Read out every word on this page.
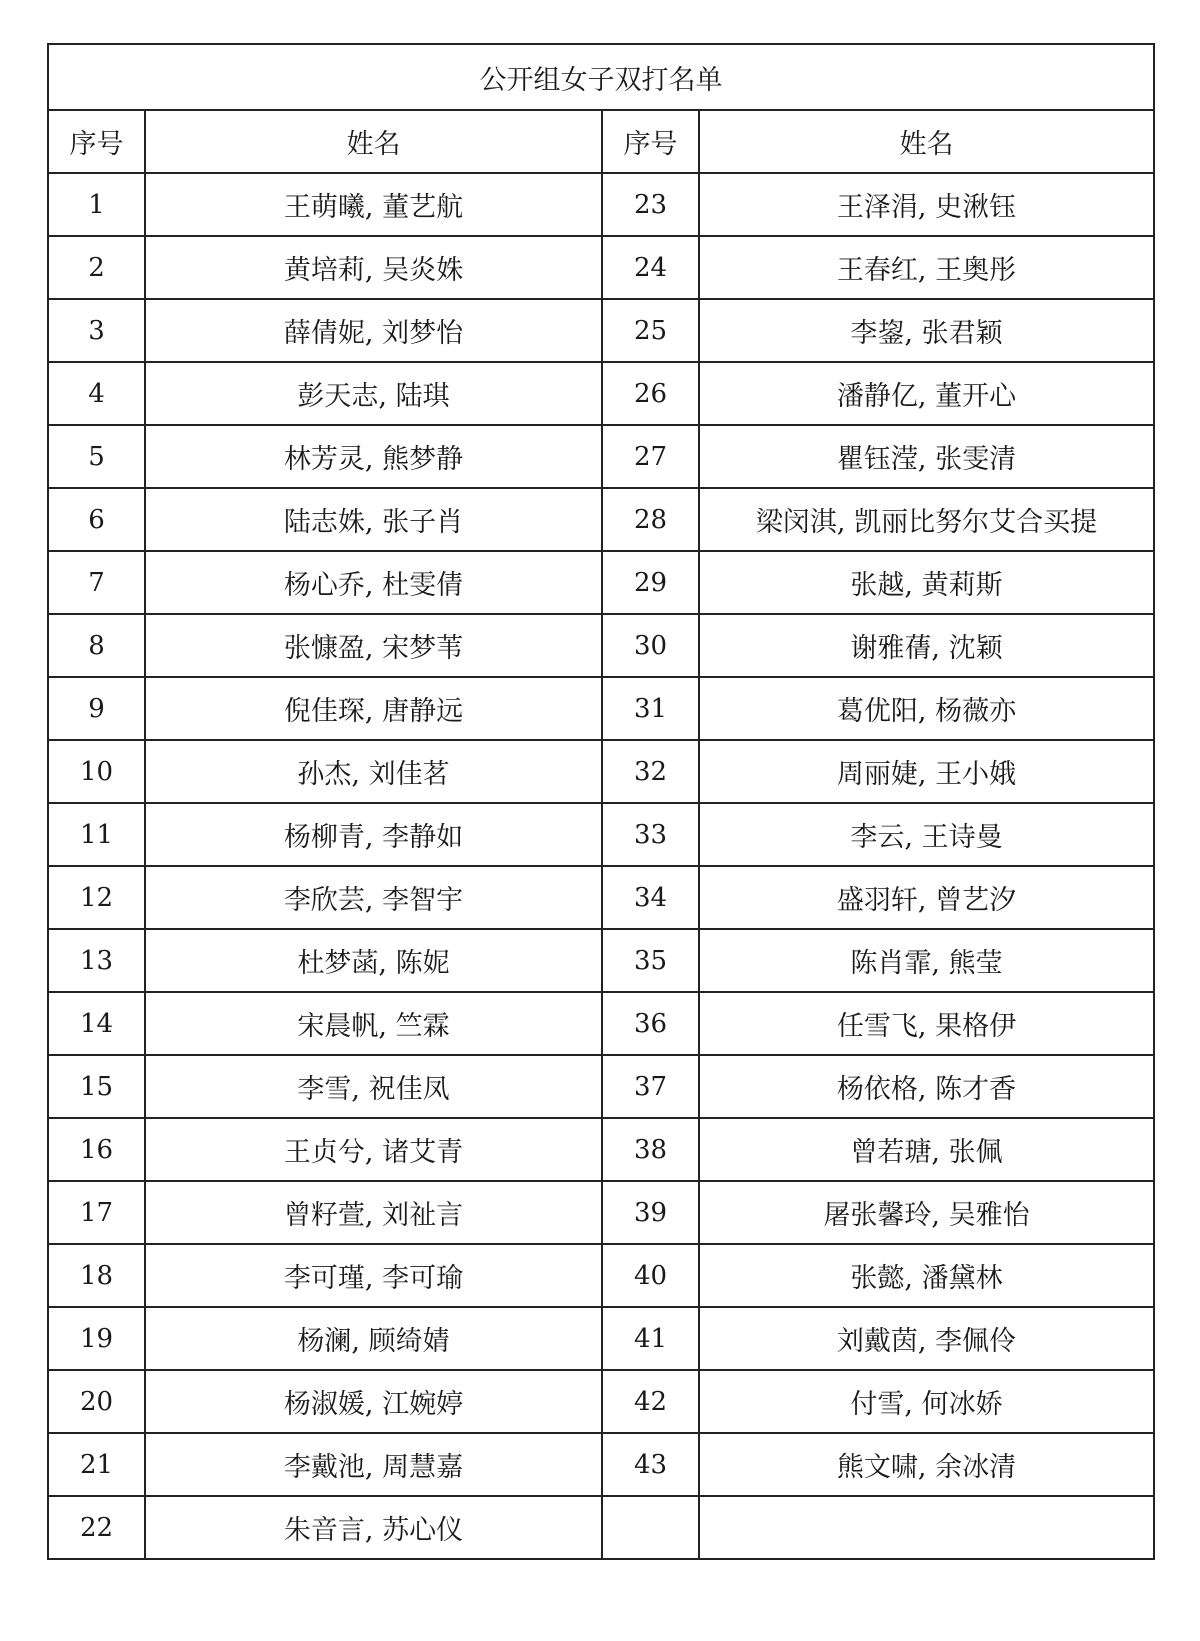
公开组女子双打名单			
序号	姓名	序号	姓名
1	王萌曦, 董艺航	23	王泽涓, 史湫钰
2	黄培莉, 吴炎姝	24	王春红, 王奥彤
3	薛倩妮, 刘梦怡	25	李鋆, 张君颖
4	彭天志, 陆琪	26	潘静亿, 董开心
5	林芳灵, 熊梦静	27	瞿钰滢, 张雯清
6	陆志姝, 张子肖	28	梁闵淇, 凯丽比努尔艾合买提
7	杨心乔, 杜雯倩	29	张越, 黄莉斯
8	张慷盈, 宋梦苇	30	谢雅蒨, 沈颖
9	倪佳琛, 唐静远	31	葛优阳, 杨薇亦
10	孙杰, 刘佳茗	32	周丽婕, 王小娥
11	杨柳青, 李静如	33	李云, 王诗曼
12	李欣芸, 李智宇	34	盛羽轩, 曾艺汐
13	杜梦菡, 陈妮	35	陈肖霏, 熊莹
14	宋晨帆, 竺霖	36	任雪飞, 果格伊
15	李雪, 祝佳凤	37	杨依格, 陈才香
16	王贞兮, 诸艾青	38	曾若瑭, 张佩
17	曾籽萱, 刘祉言	39	屠张馨玲, 吴雅怡
18	李可瑾, 李可瑜	40	张懿, 潘黛林
19	杨澜, 顾绮婧	41	刘戴茵, 李佩伶
20	杨淑媛, 江婉婷	42	付雪, 何冰娇
21	李戴池, 周慧嘉	43	熊文啸, 余冰清
22	朱音言, 苏心仪		
